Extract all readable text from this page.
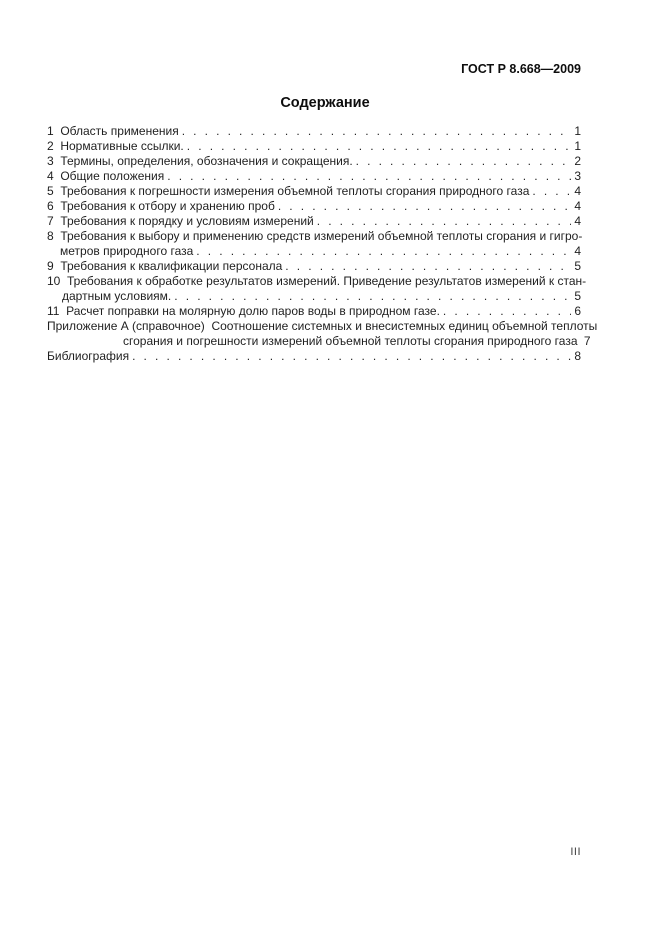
ГОСТ Р 8.668—2009
Содержание
1  Область применения . . .	1
2  Нормативные ссылки. . . .	1
3  Термины, определения, обозначения и сокращения. . . .	2
4  Общие положения . . .	3
5  Требования к погрешности измерения объемной теплоты сгорания природного газа . . .	4
6  Требования к отбору и хранению проб . . .	4
7  Требования к порядку и условиям измерений . . .	4
8  Требования к выбору и применению средств измерений объемной теплоты сгорания и гигро-
метров природного газа . . .	4
9  Требования к квалификации персонала . . .	5
10  Требования к обработке результатов измерений. Приведение результатов измерений к стан-
дартным условиям. . . .	5
11  Расчет поправки на молярную долю паров воды в природном газе. . . .	6
Приложение А (справочное)  Соотношение системных и внесистемных единиц объемной теплоты
сгорания и погрешности измерений объемной теплоты сгорания природного газа 7
Библиография . . .	8
III
